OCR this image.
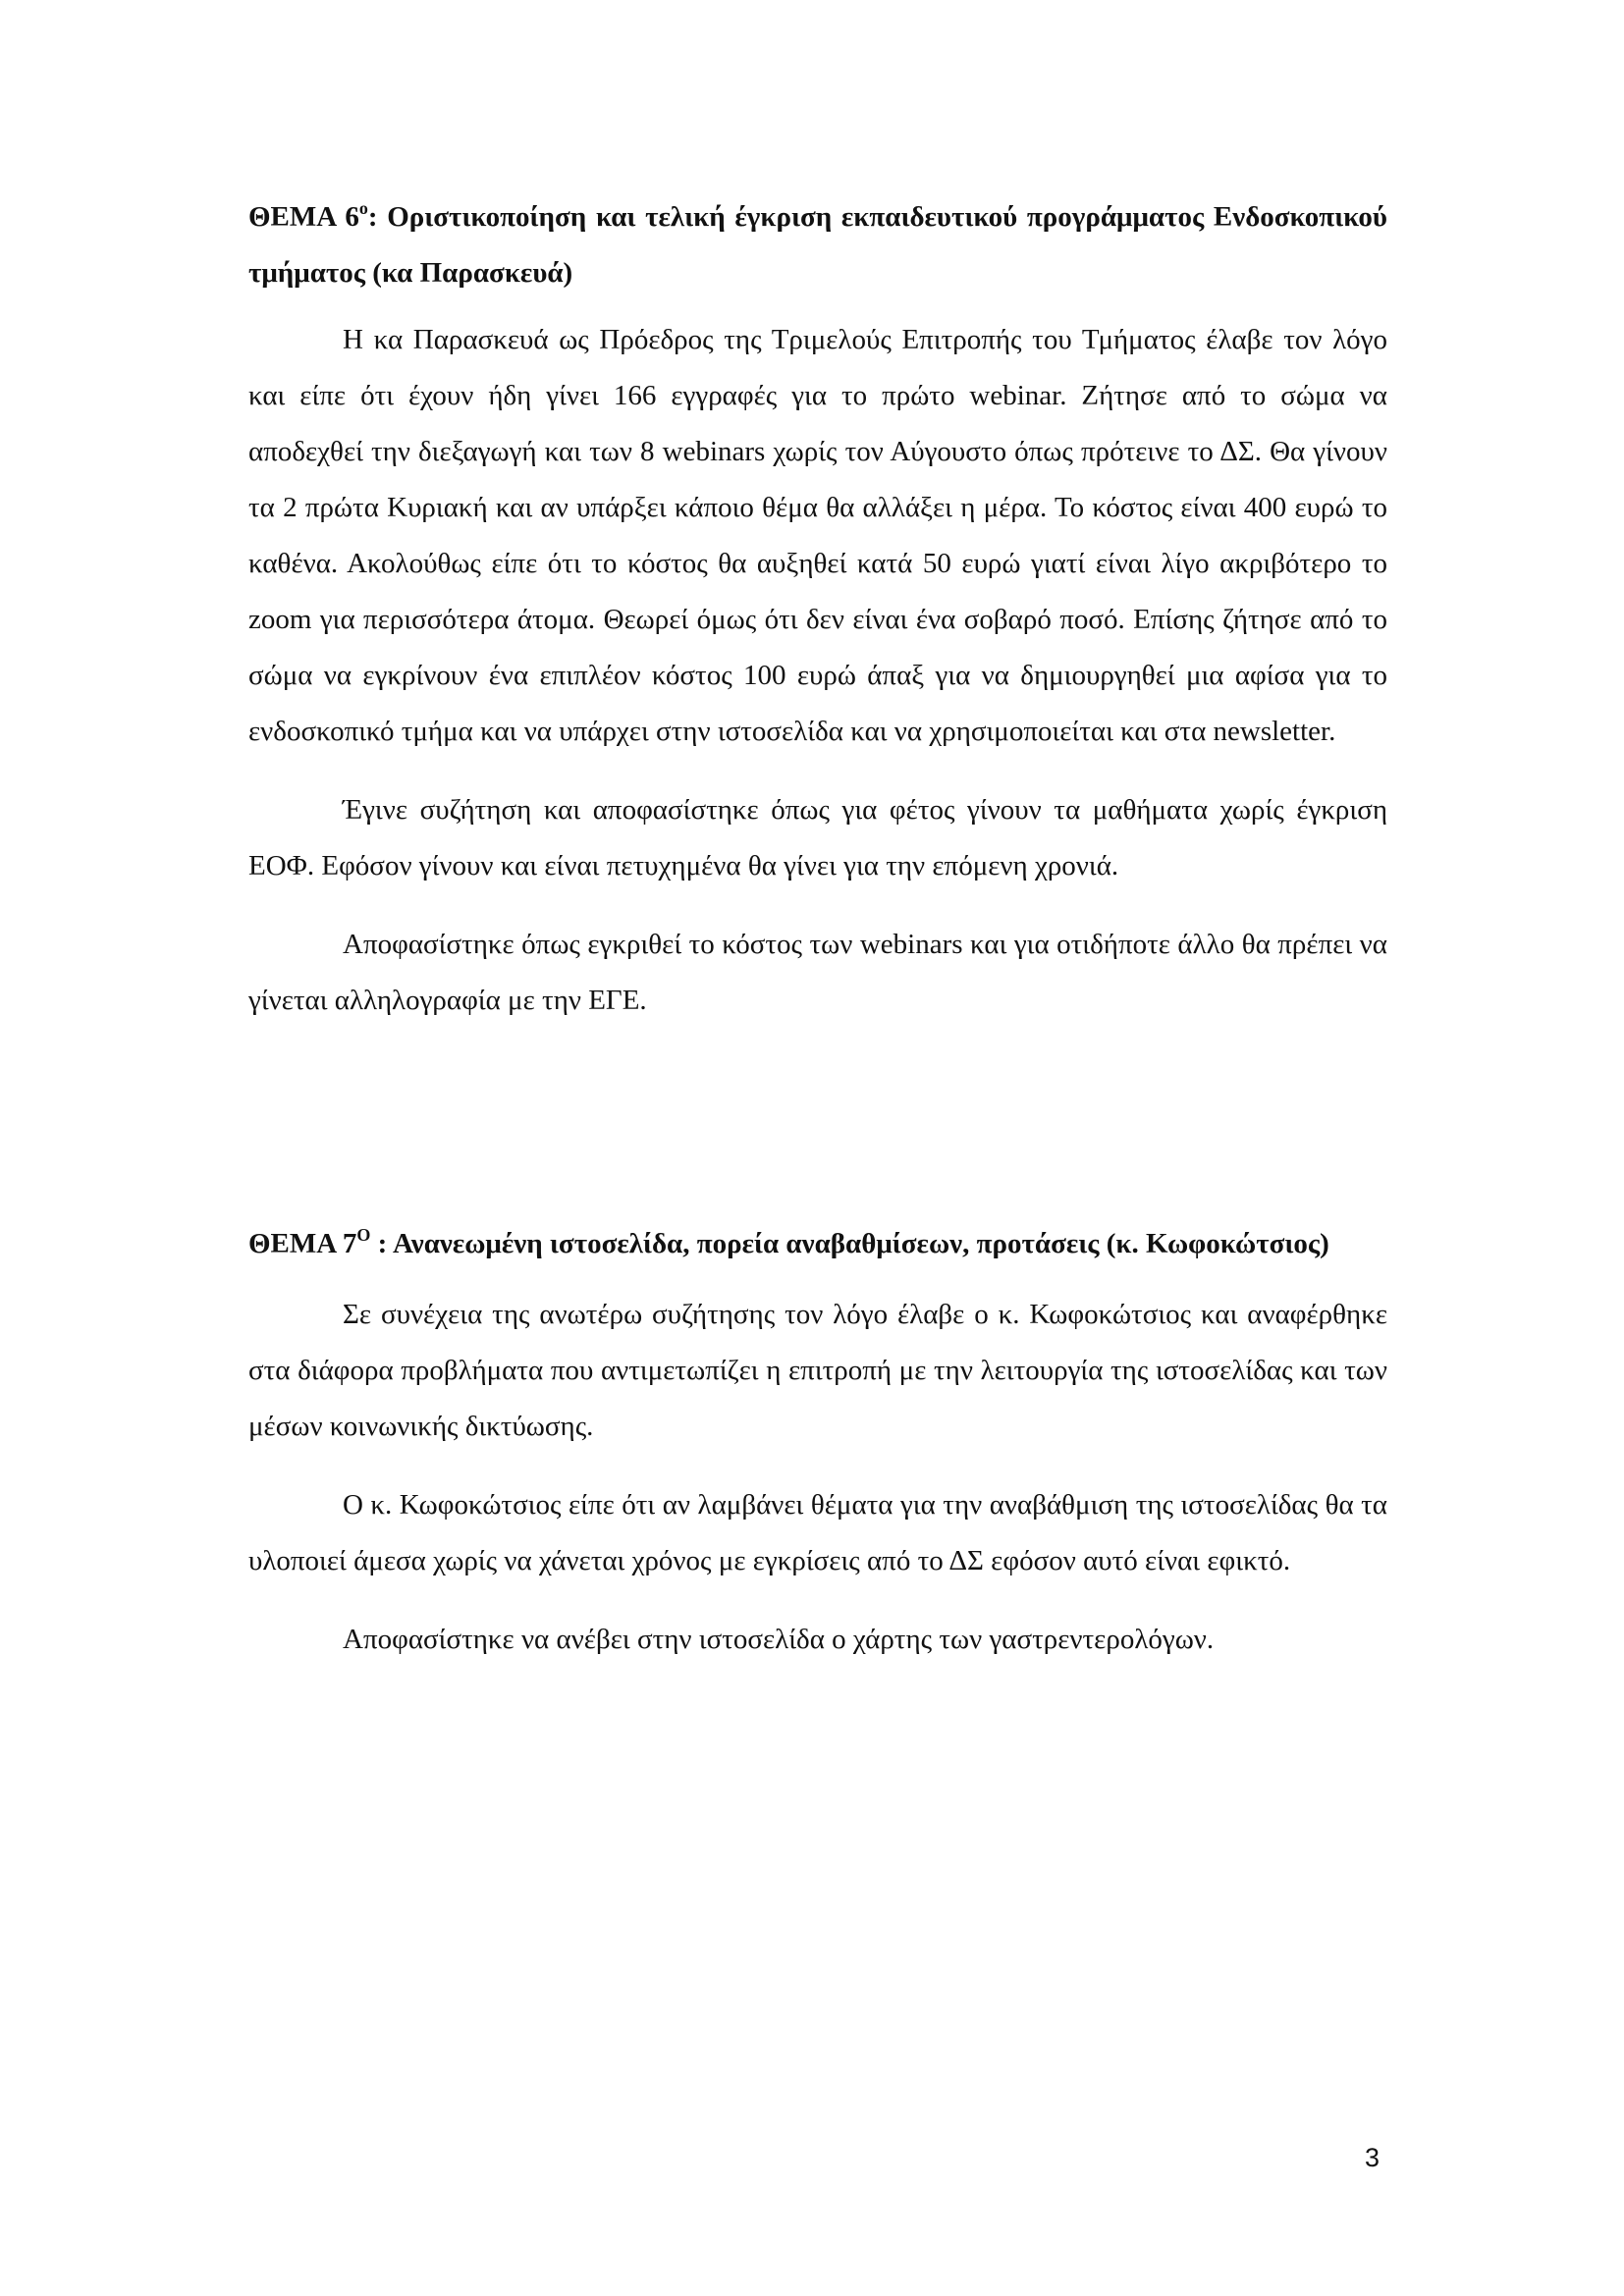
ΘΕΜΑ $6^o$: Οριστικοποίηση και τελική έγκριση εκπαιδευτικού προγράμματος Ενδοσκοπικού τμήματος (κα Παρασκευά)

Η κα Παρασκευά ως Πρόεδρος της Τριμελούς Επιτροπής του Τμήματος έλαβε τον λόγο και είπε ότι έχουν ήδη γίνει 166 εγγραφές για το πρώτο webinar. Ζήτησε από το σώμα να αποδεχθεί την διεξαγωγή και των 8 webinars χωρίς τον Αύγουστο όπως πρότεινε το ΔΣ. Θα γίνουν τα 2 πρώτα Κυριακή και αν υπάρξει κάποιο θέμα θα αλλάξει η μέρα. Το κόστος είναι 400 ευρώ το καθένα. Ακολούθως είπε ότι το κόστος θα αυξηθεί κατά 50 ευρώ γιατί είναι λίγο ακριβότερο το zoom για περισσότερα άτομα. Θεωρεί όμως ότι δεν είναι ένα σοβαρό ποσό. Επίσης ζήτησε από το σώμα να εγκρίνουν ένα επιπλέον κόστος 100 ευρώ άπαξ για να δημιουργηθεί μια αφίσα για το ενδοσκοπικό τμήμα και να υπάρχει στην ιστοσελίδα και να χρησιμοποιείται και στα newsletter.

Έγινε συζήτηση και αποφασίστηκε όπως για φέτος γίνουν τα μαθήματα χωρίς έγκριση ΕΟΦ. Εφόσον γίνουν και είναι πετυχημένα θα γίνει για την επόμενη χρονιά.

Αποφασίστηκε όπως εγκριθεί το κόστος των webinars και για οτιδήποτε άλλο θα πρέπει να γίνεται αλληλογραφία με την ΕΓΕ.

ΘΕΜΑ $7^O$ : Ανανεωμένη ιστοσελίδα, πορεία αναβαθμίσεων, προτάσεις (κ. Κωφοκώτσιος)

Σε συνέχεια της ανωτέρω συζήτησης τον λόγο έλαβε ο κ. Κωφοκώτσιος και αναφέρθηκε στα διάφορα προβλήματα που αντιμετωπίζει η επιτροπή με την λειτουργία της ιστοσελίδας και των μέσων κοινωνικής δικτύωσης.

Ο κ. Κωφοκώτσιος είπε ότι αν λαμβάνει θέματα για την αναβάθμιση της ιστοσελίδας θα τα υλοποιεί άμεσα χωρίς να χάνεται χρόνος με εγκρίσεις από το ΔΣ εφόσον αυτό είναι εφικτό.

Αποφασίστηκε να ανέβει στην ιστοσελίδα ο χάρτης των γαστρεντερολόγων.

3
